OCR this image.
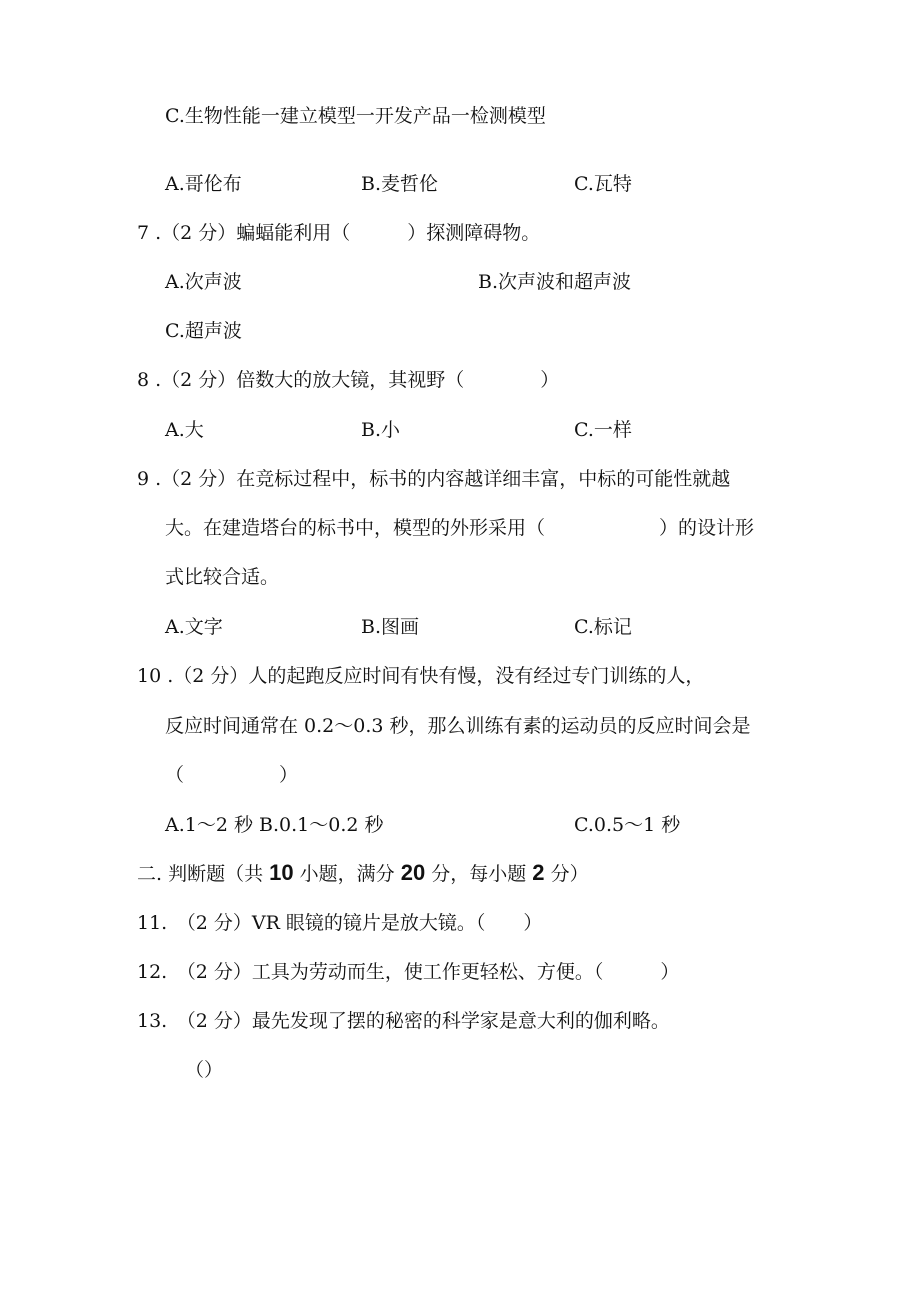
C.生物性能一建立模型一开发产品一检测模型
A.哥伦布	B.麦哲伦	C.瓦特
7 .（2 分）蝙蝠能利用（　　　）探测障碍物。
A.次声波	B.次声波和超声波
C.超声波
8 .（2 分）倍数大的放大镜，其视野（　　　　）
A.大	B.小	C.一样
9 .（2 分）在竞标过程中，标书的内容越详细丰富，中标的可能性就越
大。在建造塔台的标书中，模型的外形采用（　　　　　　）的设计形
式比较合适。
A.文字	B.图画	C.标记
10 .（2 分）人的起跑反应时间有快有慢，没有经过专门训练的人，
反应时间通常在 0.2～0.3 秒，那么训练有素的运动员的反应时间会是
（　　　　　）
A.1～2 秒 B.0.1～0.2 秒	C.0.5～1 秒
二. 判断题（共 10 小题，满分 20 分，每小题 2 分）
11.　（2 分）VR 眼镜的镜片是放大镜。（　　）
12.　（2 分）工具为劳动而生，使工作更轻松、方便。（　　　）
13.　（2 分）最先发现了摆的秘密的科学家是意大利的伽利略。
（）
